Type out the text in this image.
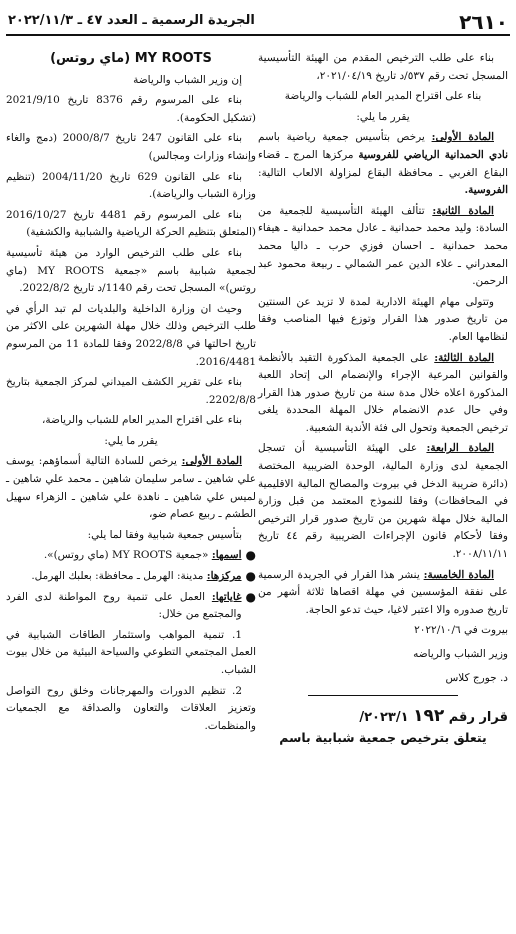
٢٦١٠
الجريدة الرسمية ـ العدد ٤٧ ـ ٢٠٢٢/١١/٣

بناء على طلب الترخيص المقدم من الهيئة التأسيسية المسجل تحت رقم ٥٣٧/د تاريخ ٢٠٢١/٠٤/١٩،

بناء على اقتراح المدير العام للشباب والرياضة

يقرر ما يلي:

المادة الأولى: يرخص بتأسيس جمعية رياضية باسم نادي الحمدانية الرياضي للفروسية مركزها المرج ـ قضاء البقاع الغربي ـ محافظة البقاع لمزاولة الالعاب التالية: الفروسية.

المادة الثانية: تتألف الهيئة التأسيسية للجمعية من السادة: وليد محمد حمدانية ـ عادل محمد حمدانية ـ هيفاء محمد حمدانية ـ احسان فوزي حرب ـ داليا محمد المعدراني ـ علاء الدين عمر الشمالي ـ ربيعة محمود عبد الرحمن.

وتتولى مهام الهيئة الادارية لمدة لا تزيد عن السنتين من تاريخ صدور هذا القرار وتوزع فيها المناصب وفقا لنظامها العام.

المادة الثالثة: على الجمعية المذكورة التقيد بالأنظمة والقوانين المرعية الإجراء والإنضمام الى إتحاد اللعبة المذكورة اعلاه خلال مدة سنة من تاريخ صدور هذا القرار وفي حال عدم الانضمام خلال المهلة المحددة يلغى ترخيص الجمعية وتحول الى فئة الأندية الشعبية.

المادة الرابعة: على الهيئة التأسيسية أن تسجل الجمعية لدى وزارة المالية، الوحدة الضريبية المختصة (دائرة ضريبة الدخل في بيروت والمصالح المالية الاقليمية في المحافظات) وفقا للنموذج المعتمد من قبل وزارة المالية خلال مهلة شهرين من تاريخ صدور قرار الترخيص وفقا لأحكام قانون الإجراءات الضريبية رقم ٤٤ تاريخ ٢٠٠٨/١١/١١.

المادة الخامسة: ينشر هذا القرار في الجريدة الرسمية على نفقة المؤسسين في مهلة اقصاها ثلاثة أشهر من تاريخ صدوره والا اعتبر لاغيا، حيث تدعو الحاجة.

بيروت في ٢٠٢٢/١٠/٦

وزير الشباب والرياضه

د. جورج كلاس

قرار رقم ١٩٢ ٢٠٢٣/١/
يتعلق بترخيص جمعية شبابية باسم
MY ROOTS (ماي روتس)

إن وزير الشباب والرياضة

بناء على المرسوم رقم 8376 تاريخ 2021/9/10 (تشكيل الحكومة).

بناء على القانون 247 تاريخ 2000/8/7 (دمج والغاء وإنشاء وزارات ومجالس)

بناء على القانون 629 تاريخ 2004/11/20 (تنظيم وزارة الشباب والرياضة).

بناء على المرسوم رقم 4481 تاريخ 2016/10/27 (المتعلق بتنظيم الحركة الرياضية والشبابية والكشفية)

بناء على طلب الترخيص الوارد من هيئة تأسيسية لجمعية شبابية باسم «جمعية MY ROOTS (ماي روتس)» المسجل تحت رقم 1140/د تاريخ 2022/8/2.

وحيث ان وزارة الداخلية والبلديات لم تبد الرأي في طلب الترخيص وذلك خلال مهلة الشهرين على الاكثر من تاريخ احالتها في 2022/8/8 وفقا للمادة 11 من المرسوم 2016/4481.

بناء على تقرير الكشف الميداني لمركز الجمعية بتاريخ 2202/8/8.

بناء على اقتراح المدير العام للشباب والرياضة،

يقرر ما يلي:

المادة الأولى: يرخص للسادة التالية أسماؤهم: يوسف علي شاهين ـ سامر سليمان شاهين ـ محمد علي شاهين ـ لميس علي شاهين ـ ناهدة علي شاهين ـ الزهراء سهيل الطشم ـ ربيع عصام ضو،

بتأسيس جمعية شبابية وفقا لما يلي:

●
اسمها: «جمعية MY ROOTS (ماي روتس)».
●
مركزها: مدينة: الهرمل ـ محافظة: بعلبك الهرمل.
●
غاياتها: العمل على تنمية روح المواطنة لدى الفرد والمجتمع من خلال:

1. تنمية المواهب واستثمار الطاقات الشبابية في العمل المجتمعي التطوعي والسياحة البيئية من خلال بيوت الشباب.

2. تنظيم الدورات والمهرجانات وخلق روح التواصل وتعزيز العلاقات والتعاون والصداقة مع الجمعيات والمنظمات.
